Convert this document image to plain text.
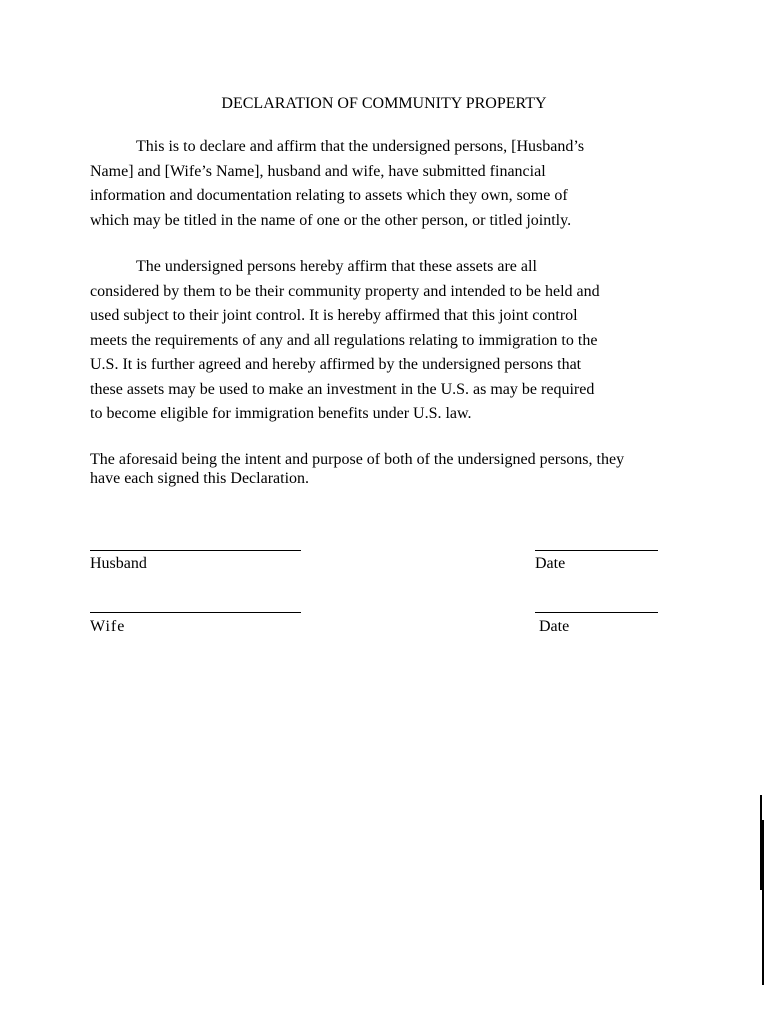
DECLARATION OF COMMUNITY PROPERTY
This is to declare and affirm that the undersigned persons, [Husband’s
Name] and [Wife’s Name], husband and wife, have submitted financial
information and documentation relating to assets which they own, some of
which may be titled in the name of one or the other person, or titled jointly.
The undersigned persons hereby affirm that these assets are all
considered by them to be their community property and intended to be held and
used subject to their joint control. It is hereby affirmed that this joint control
meets the requirements of any and all regulations relating to immigration to the
U.S. It is further agreed and hereby affirmed by the undersigned persons that
these assets may be used to make an investment in the U.S. as may be required
to become eligible for immigration benefits under U.S. law.
The aforesaid being the intent and purpose of both of the undersigned persons, they
have each signed this Declaration.
Husband	Date
Wife	Date
